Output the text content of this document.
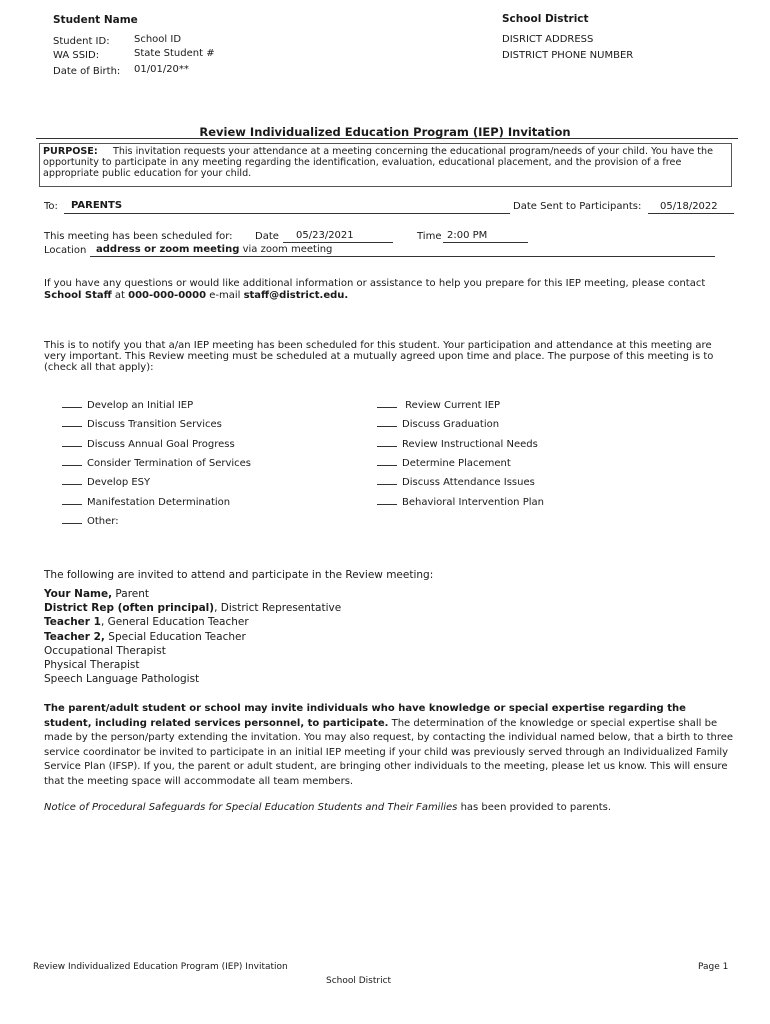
Student Name
Student ID: School ID
WA SSID:	State Student #
Date of Birth: 01/01/20**
School District
DISRICT ADDRESS
DISTRICT PHONE NUMBER
Review Individualized Education Program (IEP) Invitation
PURPOSE: This invitation requests your attendance at a meeting concerning the educational program/needs of your child. You have the opportunity to participate in any meeting regarding the identification, evaluation, educational placement, and the provision of a free appropriate public education for your child.
To: PARENTS	Date Sent to Participants: 05/18/2022
This meeting has been scheduled for: Date 05/23/2021	Time 2:00 PM
Location address or zoom meeting via zoom meeting
If you have any questions or would like additional information or assistance to help you prepare for this IEP meeting, please contact
School Staff at 000-000-0000 e-mail staff@district.edu.
This is to notify you that a/an IEP meeting has been scheduled for this student. Your participation and attendance at this meeting are very important. This Review meeting must be scheduled at a mutually agreed upon time and place. The purpose of this meeting is to (check all that apply):
Develop an Initial IEP
Discuss Transition Services
Discuss Annual Goal Progress
Consider Termination of Services
Develop ESY
Manifestation Determination
Other:
Review Current IEP
Discuss Graduation
Review Instructional Needs
Determine Placement
Discuss Attendance Issues
Behavioral Intervention Plan
The following are invited to attend and participate in the Review meeting:
Your Name, Parent
District Rep (often principal), District Representative
Teacher 1, General Education Teacher
Teacher 2, Special Education Teacher
Occupational Therapist
Physical Therapist
Speech Language Pathologist
The parent/adult student or school may invite individuals who have knowledge or special expertise regarding the student, including related services personnel, to participate. The determination of the knowledge or special expertise shall be made by the person/party extending the invitation. You may also request, by contacting the individual named below, that a birth to three service coordinator be invited to participate in an initial IEP meeting if your child was previously served through an Individualized Family Service Plan (IFSP). If you, the parent or adult student, are bringing other individuals to the meeting, please let us know. This will ensure that the meeting space will accommodate all team members.
Notice of Procedural Safeguards for Special Education Students and Their Families has been provided to parents.
Review Individualized Education Program (IEP) Invitation	Page 1
School District
